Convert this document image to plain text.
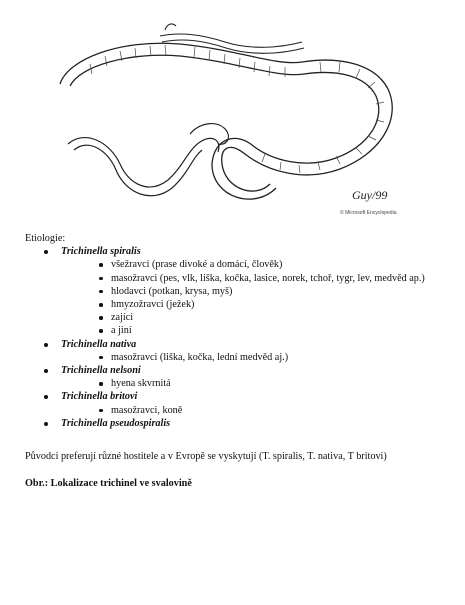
Guy/99
© Microsoft Encyclopedia

Etiologie:

Trichinella spiralis
všežravci (prase divoké a domácí, člověk)
masožravci (pes, vlk, liška, kočka, lasice, norek, tchoř, tygr, lev, medvěd ap.)
hlodavci (potkan, krysa, myš)
hmyzožravci (ježek)
zajíci
a jiní
Trichinella nativa
masožravci (liška, kočka, lední medvěd aj.)
Trichinella nelsoni
hyena skvrnitá
Trichinella britovi
masožravci, koně
Trichinella pseudospiralis

Původci preferují různé hostitele a v Evropě se vyskytují (T. spiralis, T. nativa, T britovi)

Obr.: Lokalizace trichinel ve svalovině
